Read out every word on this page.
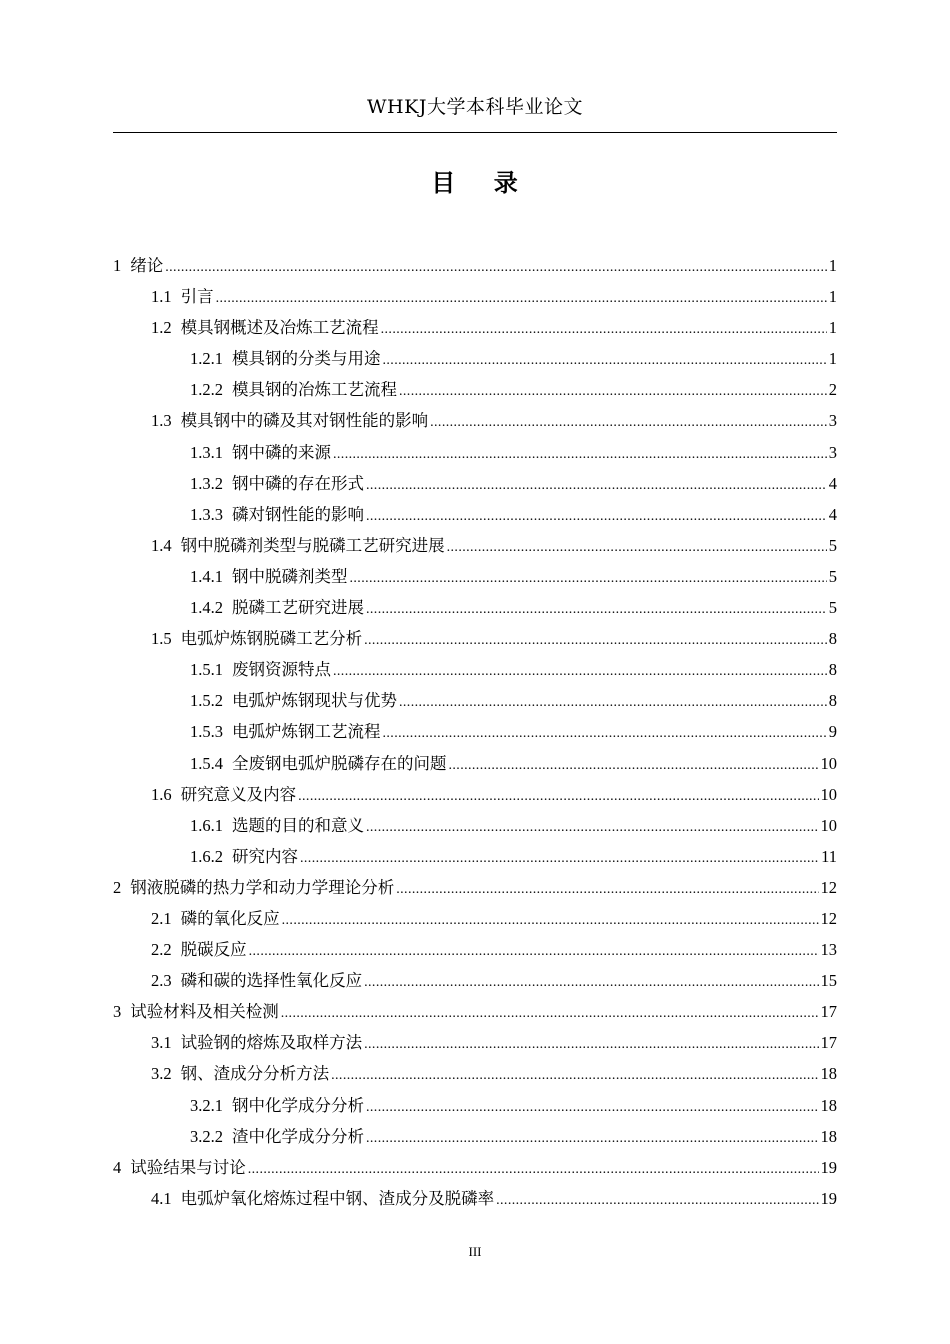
WHKJ大学本科毕业论文
目    录
1 绪论 .....	1
1.1 引言 .....	1
1.2 模具钢概述及冶炼工艺流程 .....	1
1.2.1 模具钢的分类与用途 .....	1
1.2.2 模具钢的冶炼工艺流程 .....	2
1.3 模具钢中的磷及其对钢性能的影响 .....	3
1.3.1 钢中磷的来源 .....	3
1.3.2 钢中磷的存在形式 .....	4
1.3.3 磷对钢性能的影响 .....	4
1.4 钢中脱磷剂类型与脱磷工艺研究进展 .....	5
1.4.1 钢中脱磷剂类型 .....	5
1.4.2 脱磷工艺研究进展 .....	5
1.5 电弧炉炼钢脱磷工艺分析 .....	8
1.5.1 废钢资源特点 .....	8
1.5.2 电弧炉炼钢现状与优势 .....	8
1.5.3 电弧炉炼钢工艺流程 .....	9
1.5.4 全废钢电弧炉脱磷存在的问题 .....	10
1.6 研究意义及内容 .....	10
1.6.1 选题的目的和意义 .....	10
1.6.2 研究内容 .....	11
2 钢液脱磷的热力学和动力学理论分析 .....	12
2.1 磷的氧化反应 .....	12
2.2 脱碳反应 .....	13
2.3 磷和碳的选择性氧化反应 .....	15
3 试验材料及相关检测 .....	17
3.1 试验钢的熔炼及取样方法 .....	17
3.2 钢、渣成分分析方法 .....	18
3.2.1 钢中化学成分分析 .....	18
3.2.2 渣中化学成分分析 .....	18
4 试验结果与讨论 .....	19
4.1 电弧炉氧化熔炼过程中钢、渣成分及脱磷率 .....	19
III
